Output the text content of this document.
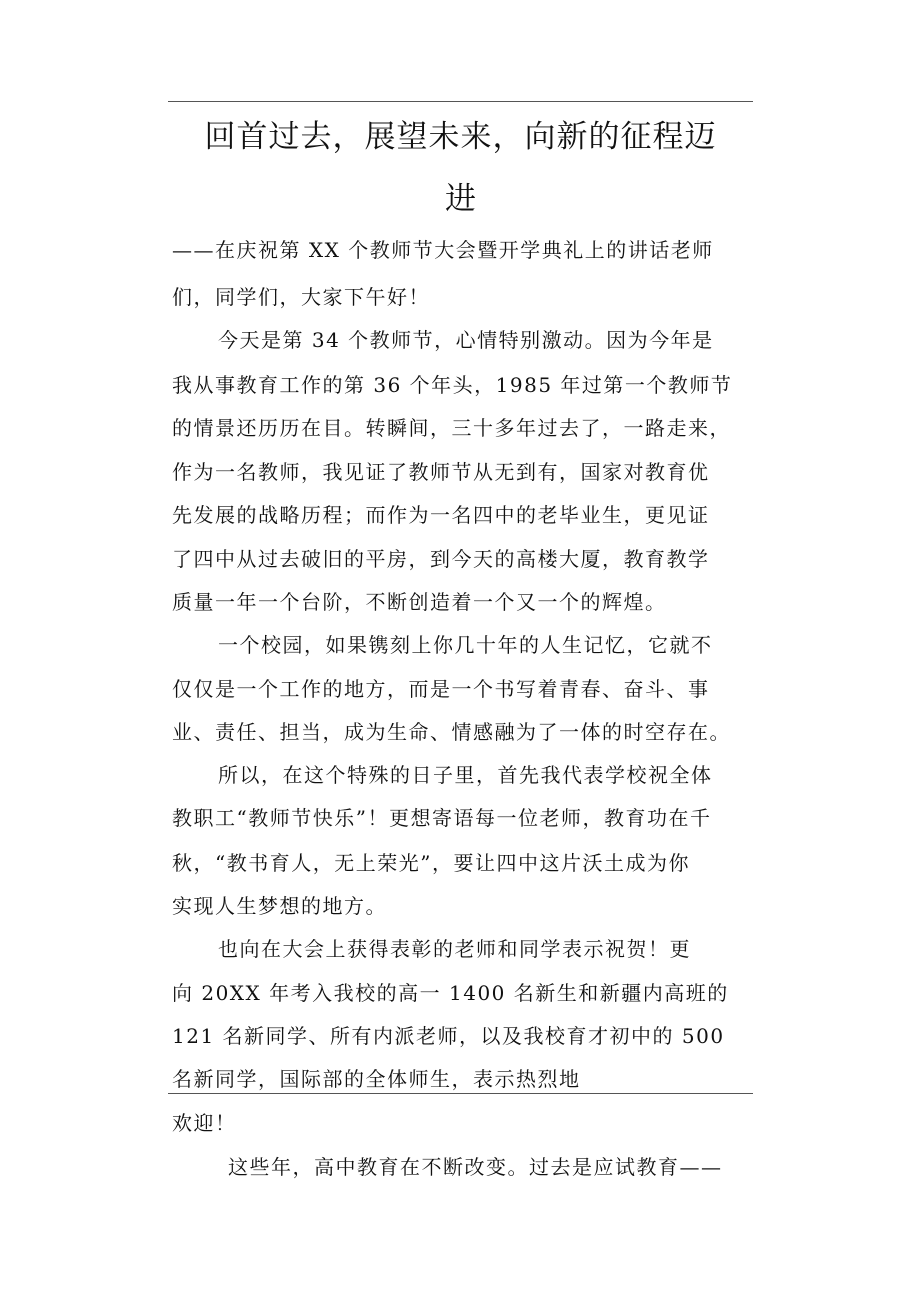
回首过去，展望未来，向新的征程迈
进
——在庆祝第 XX 个教师节大会暨开学典礼上的讲话老师
们，同学们，大家下午好！
今天是第 34 个教师节，心情特别激动。因为今年是
我从事教育工作的第 36 个年头，1985 年过第一个教师节
的情景还历历在目。转瞬间，三十多年过去了，一路走来，
作为一名教师，我见证了教师节从无到有，国家对教育优
先发展的战略历程；而作为一名四中的老毕业生，更见证
了四中从过去破旧的平房，到今天的高楼大厦，教育教学
质量一年一个台阶，不断创造着一个又一个的辉煌。
一个校园，如果镌刻上你几十年的人生记忆，它就不
仅仅是一个工作的地方，而是一个书写着青春、奋斗、事
业、责任、担当，成为生命、情感融为了一体的时空存在。
所以，在这个特殊的日子里，首先我代表学校祝全体
教职工“教师节快乐”！更想寄语每一位老师，教育功在千
秋，“教书育人，无上荣光”，要让四中这片沃土成为你
实现人生梦想的地方。
也向在大会上获得表彰的老师和同学表示祝贺！更
向 20XX 年考入我校的高一 1400 名新生和新疆内高班的
121 名新同学、所有内派老师，以及我校育才初中的 500
名新同学，国际部的全体师生，表示热烈地
欢迎！
这些年，高中教育在不断改变。过去是应试教育——
